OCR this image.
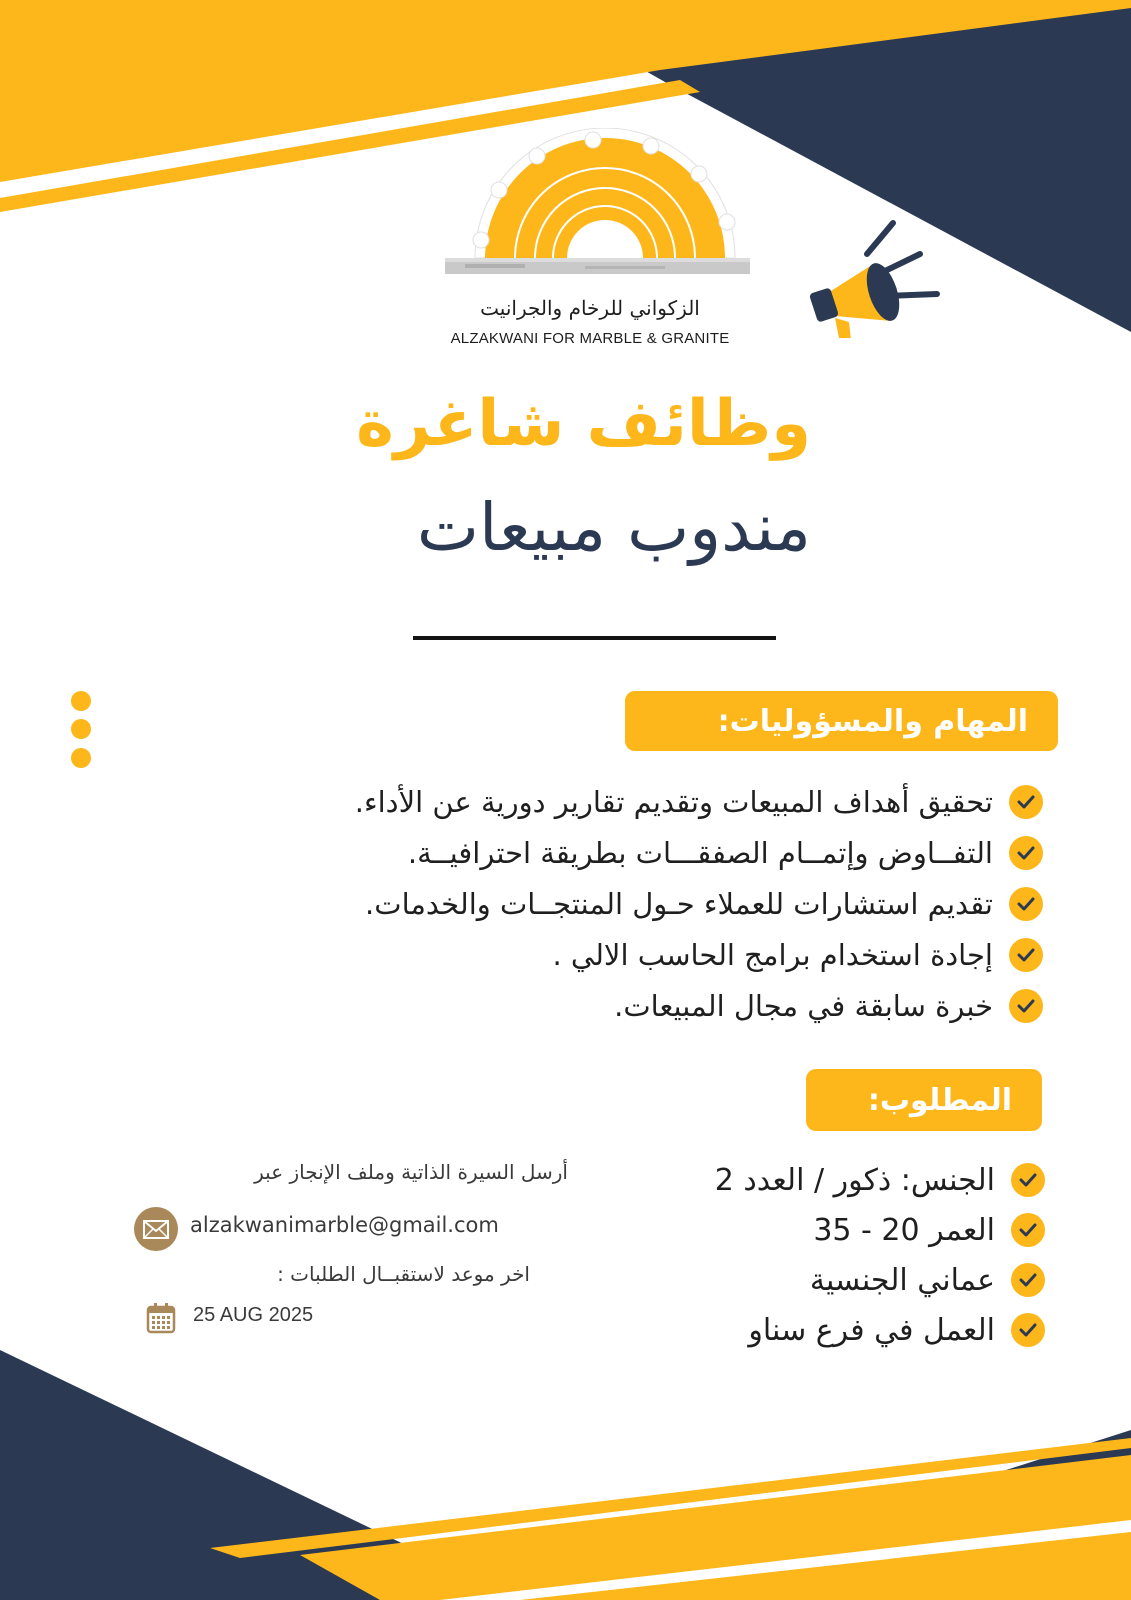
الزكواني للرخام والجرانيت
ALZAKWANI FOR MARBLE & GRANITE
وظائف شاغرة
مندوب مبيعات
المهام والمسؤوليات:
تحقيق أهداف المبيعات وتقديم تقارير دورية عن الأداء.
التفــاوض وإتمــام الصفقـــات بطريقة احترافيــة.
تقديم استشارات للعملاء حـول المنتجــات والخدمات.
إجادة استخدام برامج الحاسب الالي .
خبرة سابقة في مجال المبيعات.
المطلوب:
الجنس: ذكور / العدد 2
العمر 20 - 35
عماني الجنسية
العمل في فرع سناو
أرسل السيرة الذاتية وملف الإنجاز عبر
alzakwanimarble@gmail.com
اخر موعد لاستقبــال الطلبات :
25 AUG 2025
